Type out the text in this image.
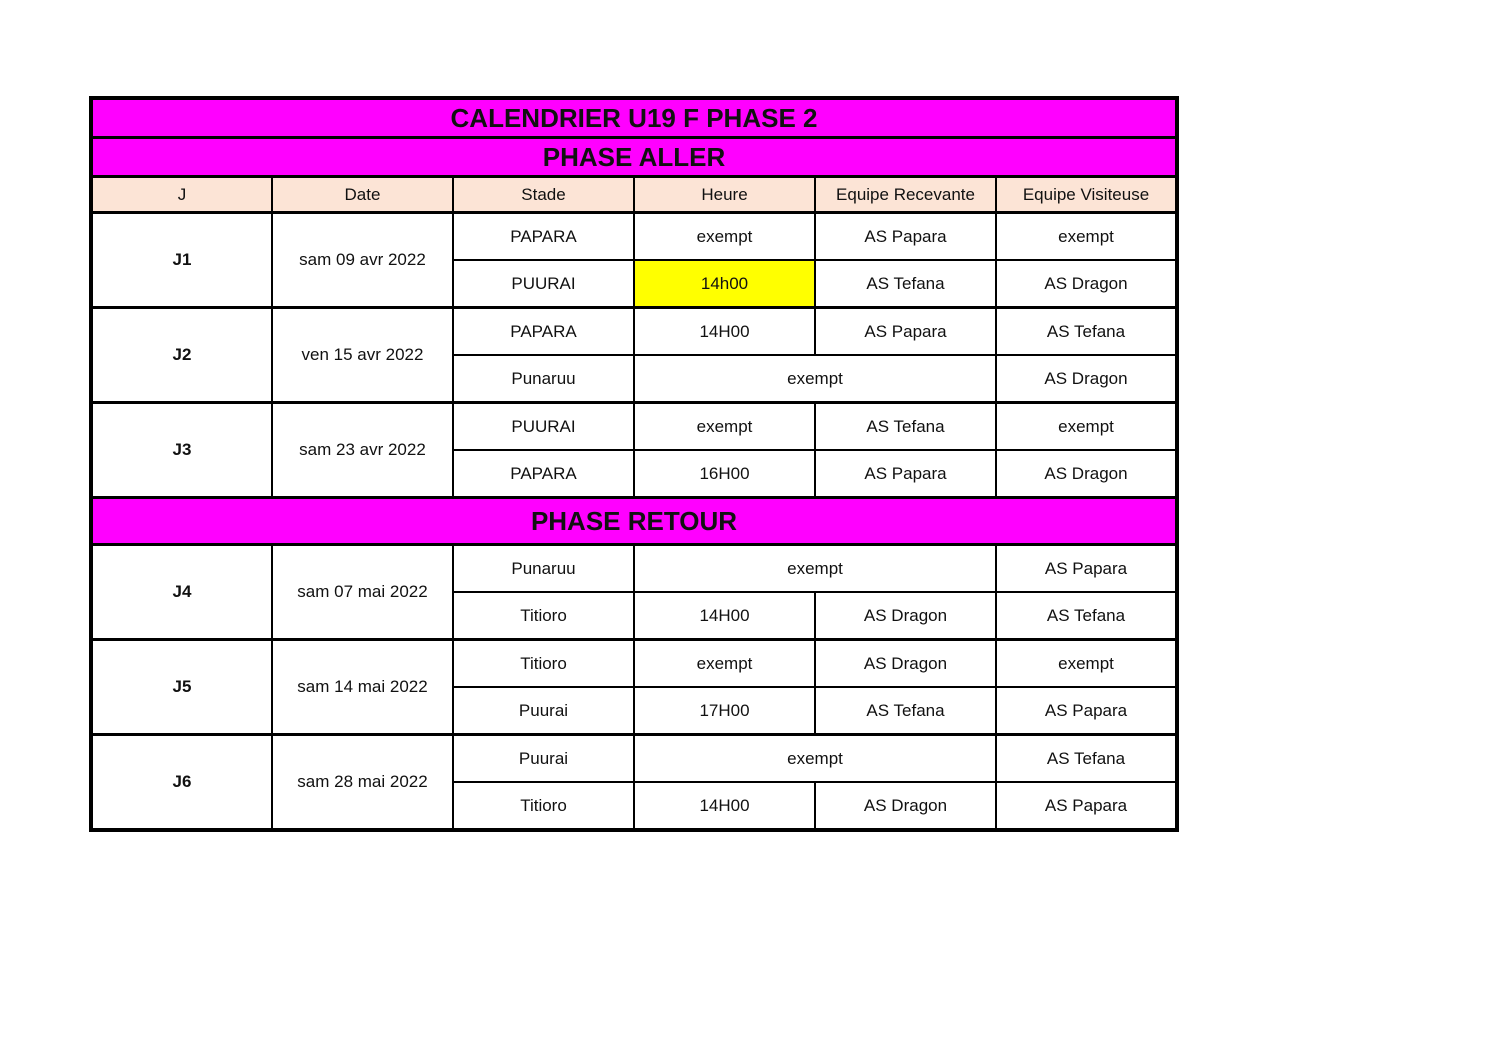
CALENDRIER U19 F PHASE 2					
PHASE ALLER					
J	Date	Stade	Heure	Equipe Recevante	Equipe Visiteuse
J1	sam 09 avr 2022	PAPARA	exempt	AS Papara	exempt
		PUURAI	14h00	AS Tefana	AS Dragon
J2	ven 15 avr 2022	PAPARA	14H00	AS Papara	AS Tefana
		Punaruu	exempt		AS Dragon
J3	sam 23 avr 2022	PUURAI	exempt	AS Tefana	exempt
		PAPARA	16H00	AS Papara	AS Dragon
PHASE RETOUR					
J4	sam 07 mai 2022	Punaruu	exempt		AS Papara
		Titioro	14H00	AS Dragon	AS Tefana
J5	sam 14 mai 2022	Titioro	exempt	AS Dragon	exempt
		Puurai	17H00	AS Tefana	AS Papara
J6	sam 28 mai 2022	Puurai	exempt		AS Tefana
		Titioro	14H00	AS Dragon	AS Papara
